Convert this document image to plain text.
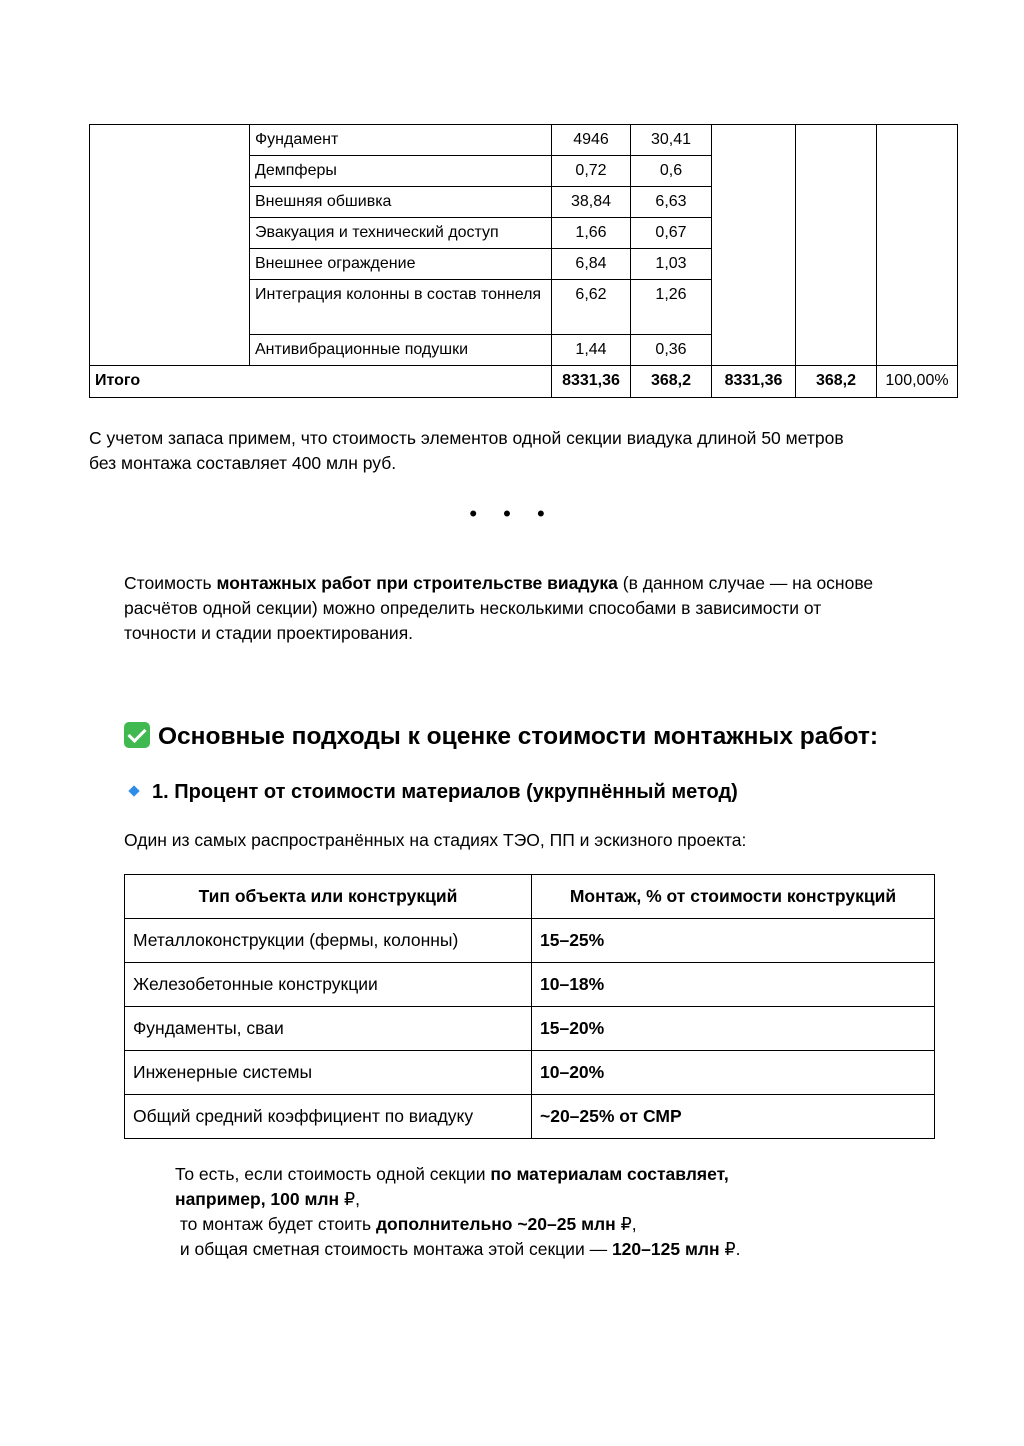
	Фундамент	4946	30,41			
	Демпферы	0,72	0,6			
	Внешняя обшивка	38,84	6,63			
	Эвакуация и технический доступ	1,66	0,67			
	Внешнее ограждение	6,84	1,03			
	Интеграция колонны в состав тоннеля	6,62	1,26			
	Антивибрационные подушки	1,44	0,36			
Итого		8331,36	368,2	8331,36	368,2	100,00%
С учетом запаса примем, что стоимость элементов одной секции виадука длиной 50 метров без монтажа составляет 400 млн руб.
• • •
Стоимость монтажных работ при строительстве виадука (в данном случае — на основе расчётов одной секции) можно определить несколькими способами в зависимости от точности и стадии проектирования.
Основные подходы к оценке стоимости монтажных работ:
1. Процент от стоимости материалов (укрупнённый метод)
Один из самых распространённых на стадиях ТЭО, ПП и эскизного проекта:
Тип объекта или конструкций	Монтаж, % от стоимости конструкций
Металлоконструкции (фермы, колонны)	15–25%
Железобетонные конструкции	10–18%
Фундаменты, сваи	15–20%
Инженерные системы	10–20%
Общий средний коэффициент по виадуку	~20–25% от СМР
То есть, если стоимость одной секции по материалам составляет,
например, 100 млн ₽,
то монтаж будет стоить дополнительно ~20–25 млн ₽,
и общая сметная стоимость монтажа этой секции — 120–125 млн ₽.
